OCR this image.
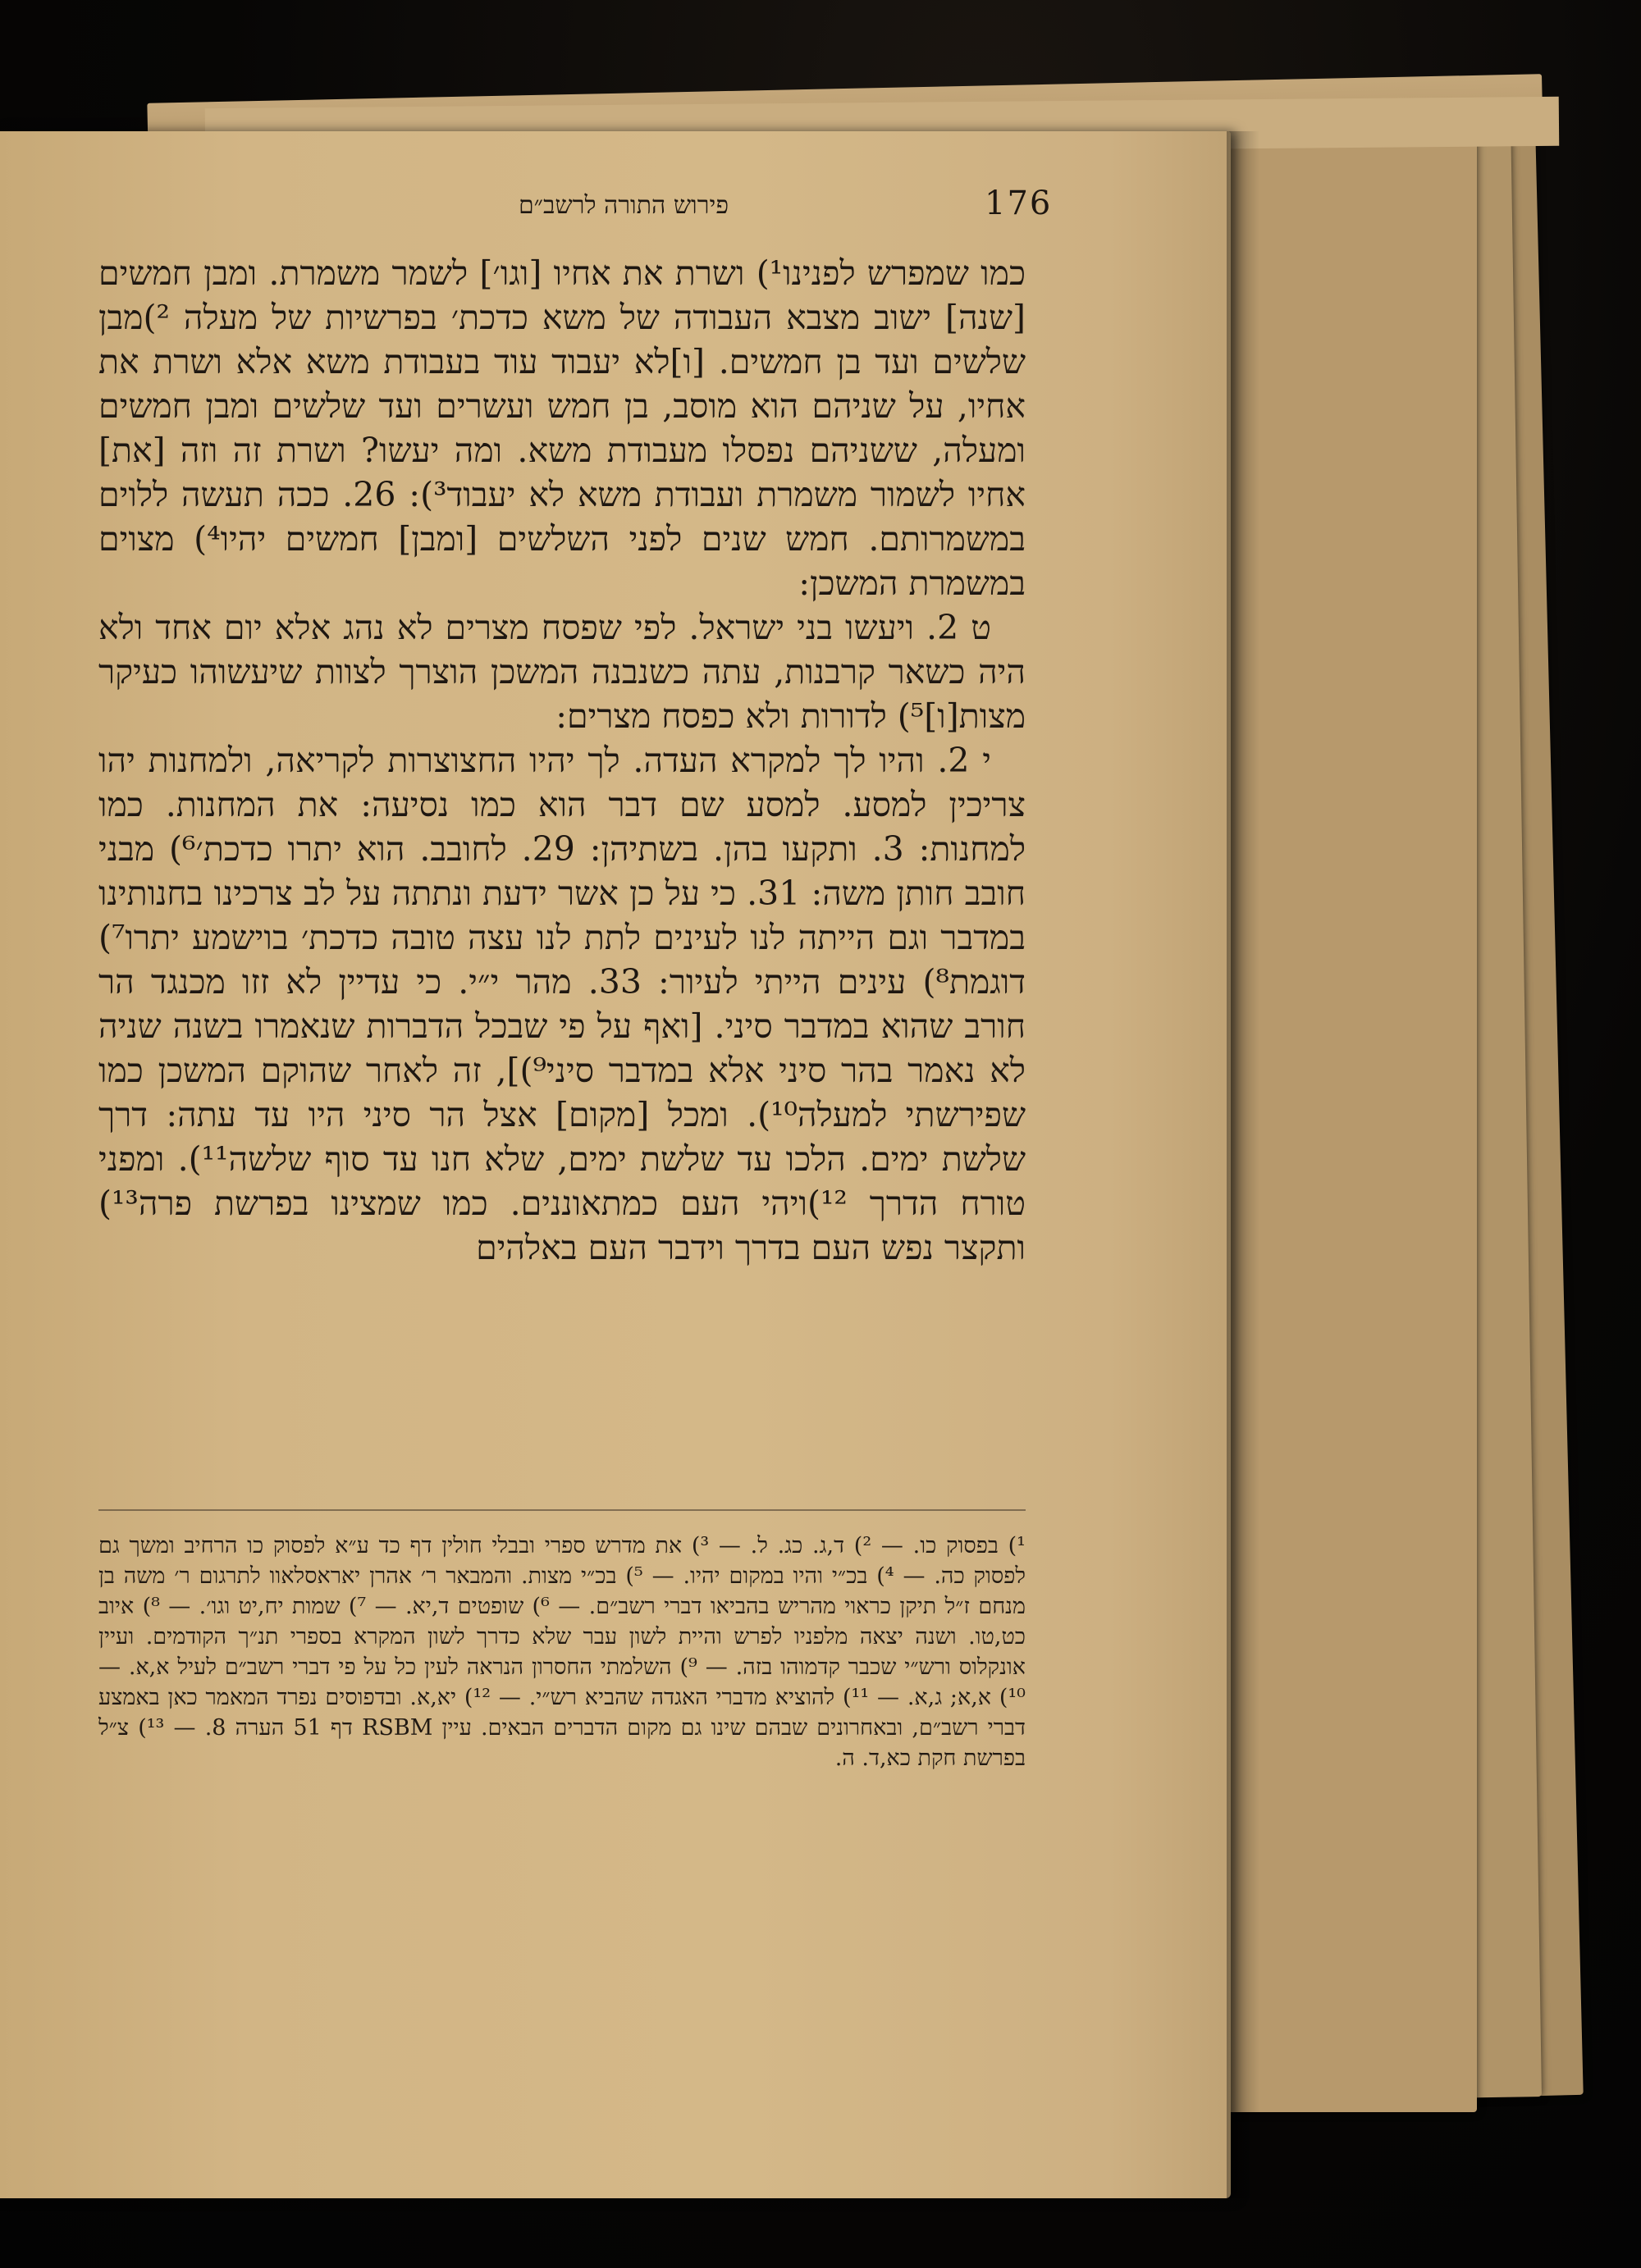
176
פירוש התורה לרשב״ם

כמו שמפרש לפנינו¹) ושרת את אחיו [וגו׳] לשמר משמרת. ומבן חמשים [שנה] ישוב מצבא העבודה של משא כדכת׳ בפרשיות של מעלה ²)מבן שלשים ועד בן חמשים. [ו]לא יעבוד עוד בעבודת משא אלא ושרת את אחיו, על שניהם הוא מוסב, בן חמש ועשרים ועד שלשים ומבן חמשים ומעלה, ששניהם נפסלו מעבודת משא. ומה יעשו? ושרת זה וזה [את] אחיו לשמור משמרת ועבודת משא לא יעבוד³): 26. ככה תעשה ללוים במשמרותם. חמש שנים לפני השלשים [ומבן] חמשים יהיו⁴) מצוים במשמרת המשכן:

ט 2. ויעשו בני ישראל. לפי שפסח מצרים לא נהג אלא יום אחד ולא היה כשאר קרבנות, עתה כשנבנה המשכן הוצרך לצוות שיעשוהו כעיקר מצות[ו]⁵) לדורות ולא כפסח מצרים:

י 2. והיו לך למקרא העדה. לך יהיו החצוצרות לקריאה, ולמחנות יהו צריכין למסע. למסע שם דבר הוא כמו נסיעה: את המחנות. כמו למחנות: 3. ותקעו בהן. בשתיהן: 29. לחובב. הוא יתרו כדכת׳⁶) מבני חובב חותן משה: 31. כי על כן אשר ידעת ונתתה על לב צרכינו בחנותינו במדבר וגם הייתה לנו לעינים לתת לנו עצה טובה כדכת׳ בוישמע יתרו⁷) דוגמת⁸) עינים הייתי לעיור: 33. מהר י״י. כי עדיין לא זזו מכנגד הר חורב שהוא במדבר סיני. [ואף על פי שבכל הדברות שנאמרו בשנה שניה לא נאמר בהר סיני אלא במדבר סיני⁹)], זה לאחר שהוקם המשכן כמו שפירשתי למעלה¹⁰). ומכל [מקום] אצל הר סיני היו עד עתה: דרך שלשת ימים. הלכו עד שלשת ימים, שלא חנו עד סוף שלשה¹¹). ומפני טורח הדרך ¹²)ויהי העם כמתאוננים. כמו שמצינו בפרשת פרה¹³) ותקצר נפש העם בדרך וידבר העם באלהים

¹) בפסוק כו. — ²) ד,ג. כג. ל. — ³) את מדרש ספרי ובבלי חולין דף כד ע״א לפסוק כו הרחיב ומשך גם לפסוק כה. — ⁴) בכ״י והיו במקום יהיו. — ⁵) בכ״י מצות. והמבאר ר׳ אהרן יאראסלאוו לתרגום ר׳ משה בן מנחם ז״ל תיקן כראוי מהריש בהביאו דברי רשב״ם. — ⁶) שופטים ד,יא. — ⁷) שמות יח,יט וגו׳. — ⁸) איוב כט,טו. ושנה יצאה מלפניו לפרש והיית לשון עבר שלא כדרך לשון המקרא בספרי תנ״ך הקודמים. ועיין אונקלוס ורש״י שכבר קדמוהו בזה. — ⁹) השלמתי החסרון הנראה לעין כל על פי דברי רשב״ם לעיל א,א. — ¹⁰) א,א; ג,א. — ¹¹) להוציא מדברי האגדה שהביא רש״י. — ¹²) יא,א. ובדפוסים נפרד המאמר כאן באמצע דברי רשב״ם, ובאחרונים שבהם שינו גם מקום הדברים הבאים. עיין RSBM דף 51 הערה 8. — ¹³) צ״ל בפרשת חקת כא,ד. ה.
